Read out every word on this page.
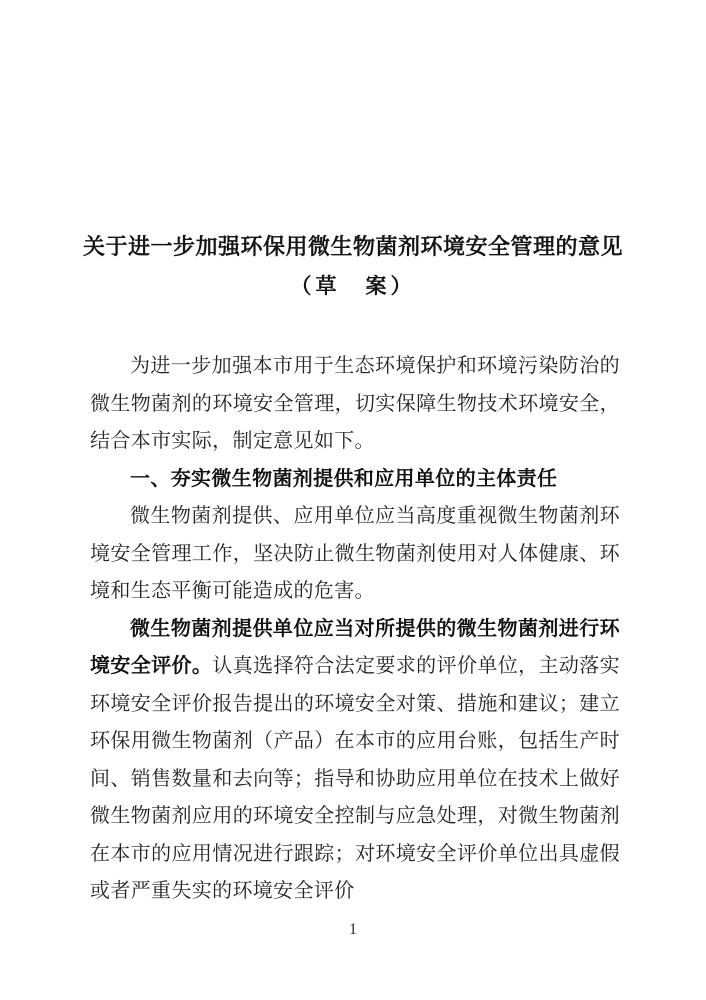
关于进一步加强环保用微生物菌剂环境安全管理的意见
（草　案）

为进一步加强本市用于生态环境保护和环境污染防治的微生物菌剂的环境安全管理，切实保障生物技术环境安全，结合本市实际，制定意见如下。

一、夯实微生物菌剂提供和应用单位的主体责任

微生物菌剂提供、应用单位应当高度重视微生物菌剂环境安全管理工作，坚决防止微生物菌剂使用对人体健康、环境和生态平衡可能造成的危害。

微生物菌剂提供单位应当对所提供的微生物菌剂进行环境安全评价。认真选择符合法定要求的评价单位，主动落实环境安全评价报告提出的环境安全对策、措施和建议；建立环保用微生物菌剂（产品）在本市的应用台账，包括生产时间、销售数量和去向等；指导和协助应用单位在技术上做好微生物菌剂应用的环境安全控制与应急处理，对微生物菌剂在本市的应用情况进行跟踪；对环境安全评价单位出具虚假或者严重失实的环境安全评价

1
